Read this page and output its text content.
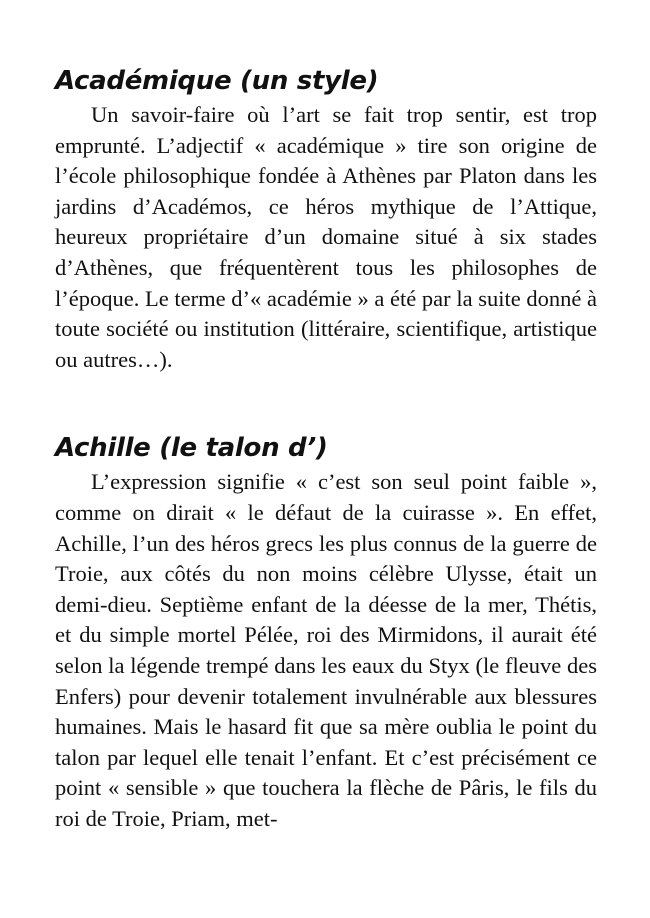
Académique (un style)

Un savoir-faire où l’art se fait trop sentir, est trop emprunté. L’adjectif « académique » tire son origine de l’école philosophique fondée à Athènes par Platon dans les jardins d’Académos, ce héros mythique de l’Attique, heureux propriétaire d’un domaine situé à six stades d’Athènes, que fréquentèrent tous les philosophes de l’époque. Le terme d’« académie » a été par la suite donné à toute société ou institution (littéraire, scientifique, artistique ou autres…).

Achille (le talon d’)

L’expression signifie « c’est son seul point faible », comme on dirait « le défaut de la cuirasse ». En effet, Achille, l’un des héros grecs les plus connus de la guerre de Troie, aux côtés du non moins célèbre Ulysse, était un demi-dieu. Septième enfant de la déesse de la mer, Thétis, et du simple mortel Pélée, roi des Mirmidons, il aurait été selon la légende trempé dans les eaux du Styx (le fleuve des Enfers) pour devenir totalement invulnérable aux blessures humaines. Mais le hasard fit que sa mère oublia le point du talon par lequel elle tenait l’enfant. Et c’est précisément ce point « sensible » que touchera la flèche de Pâris, le fils du roi de Troie, Priam, met-
